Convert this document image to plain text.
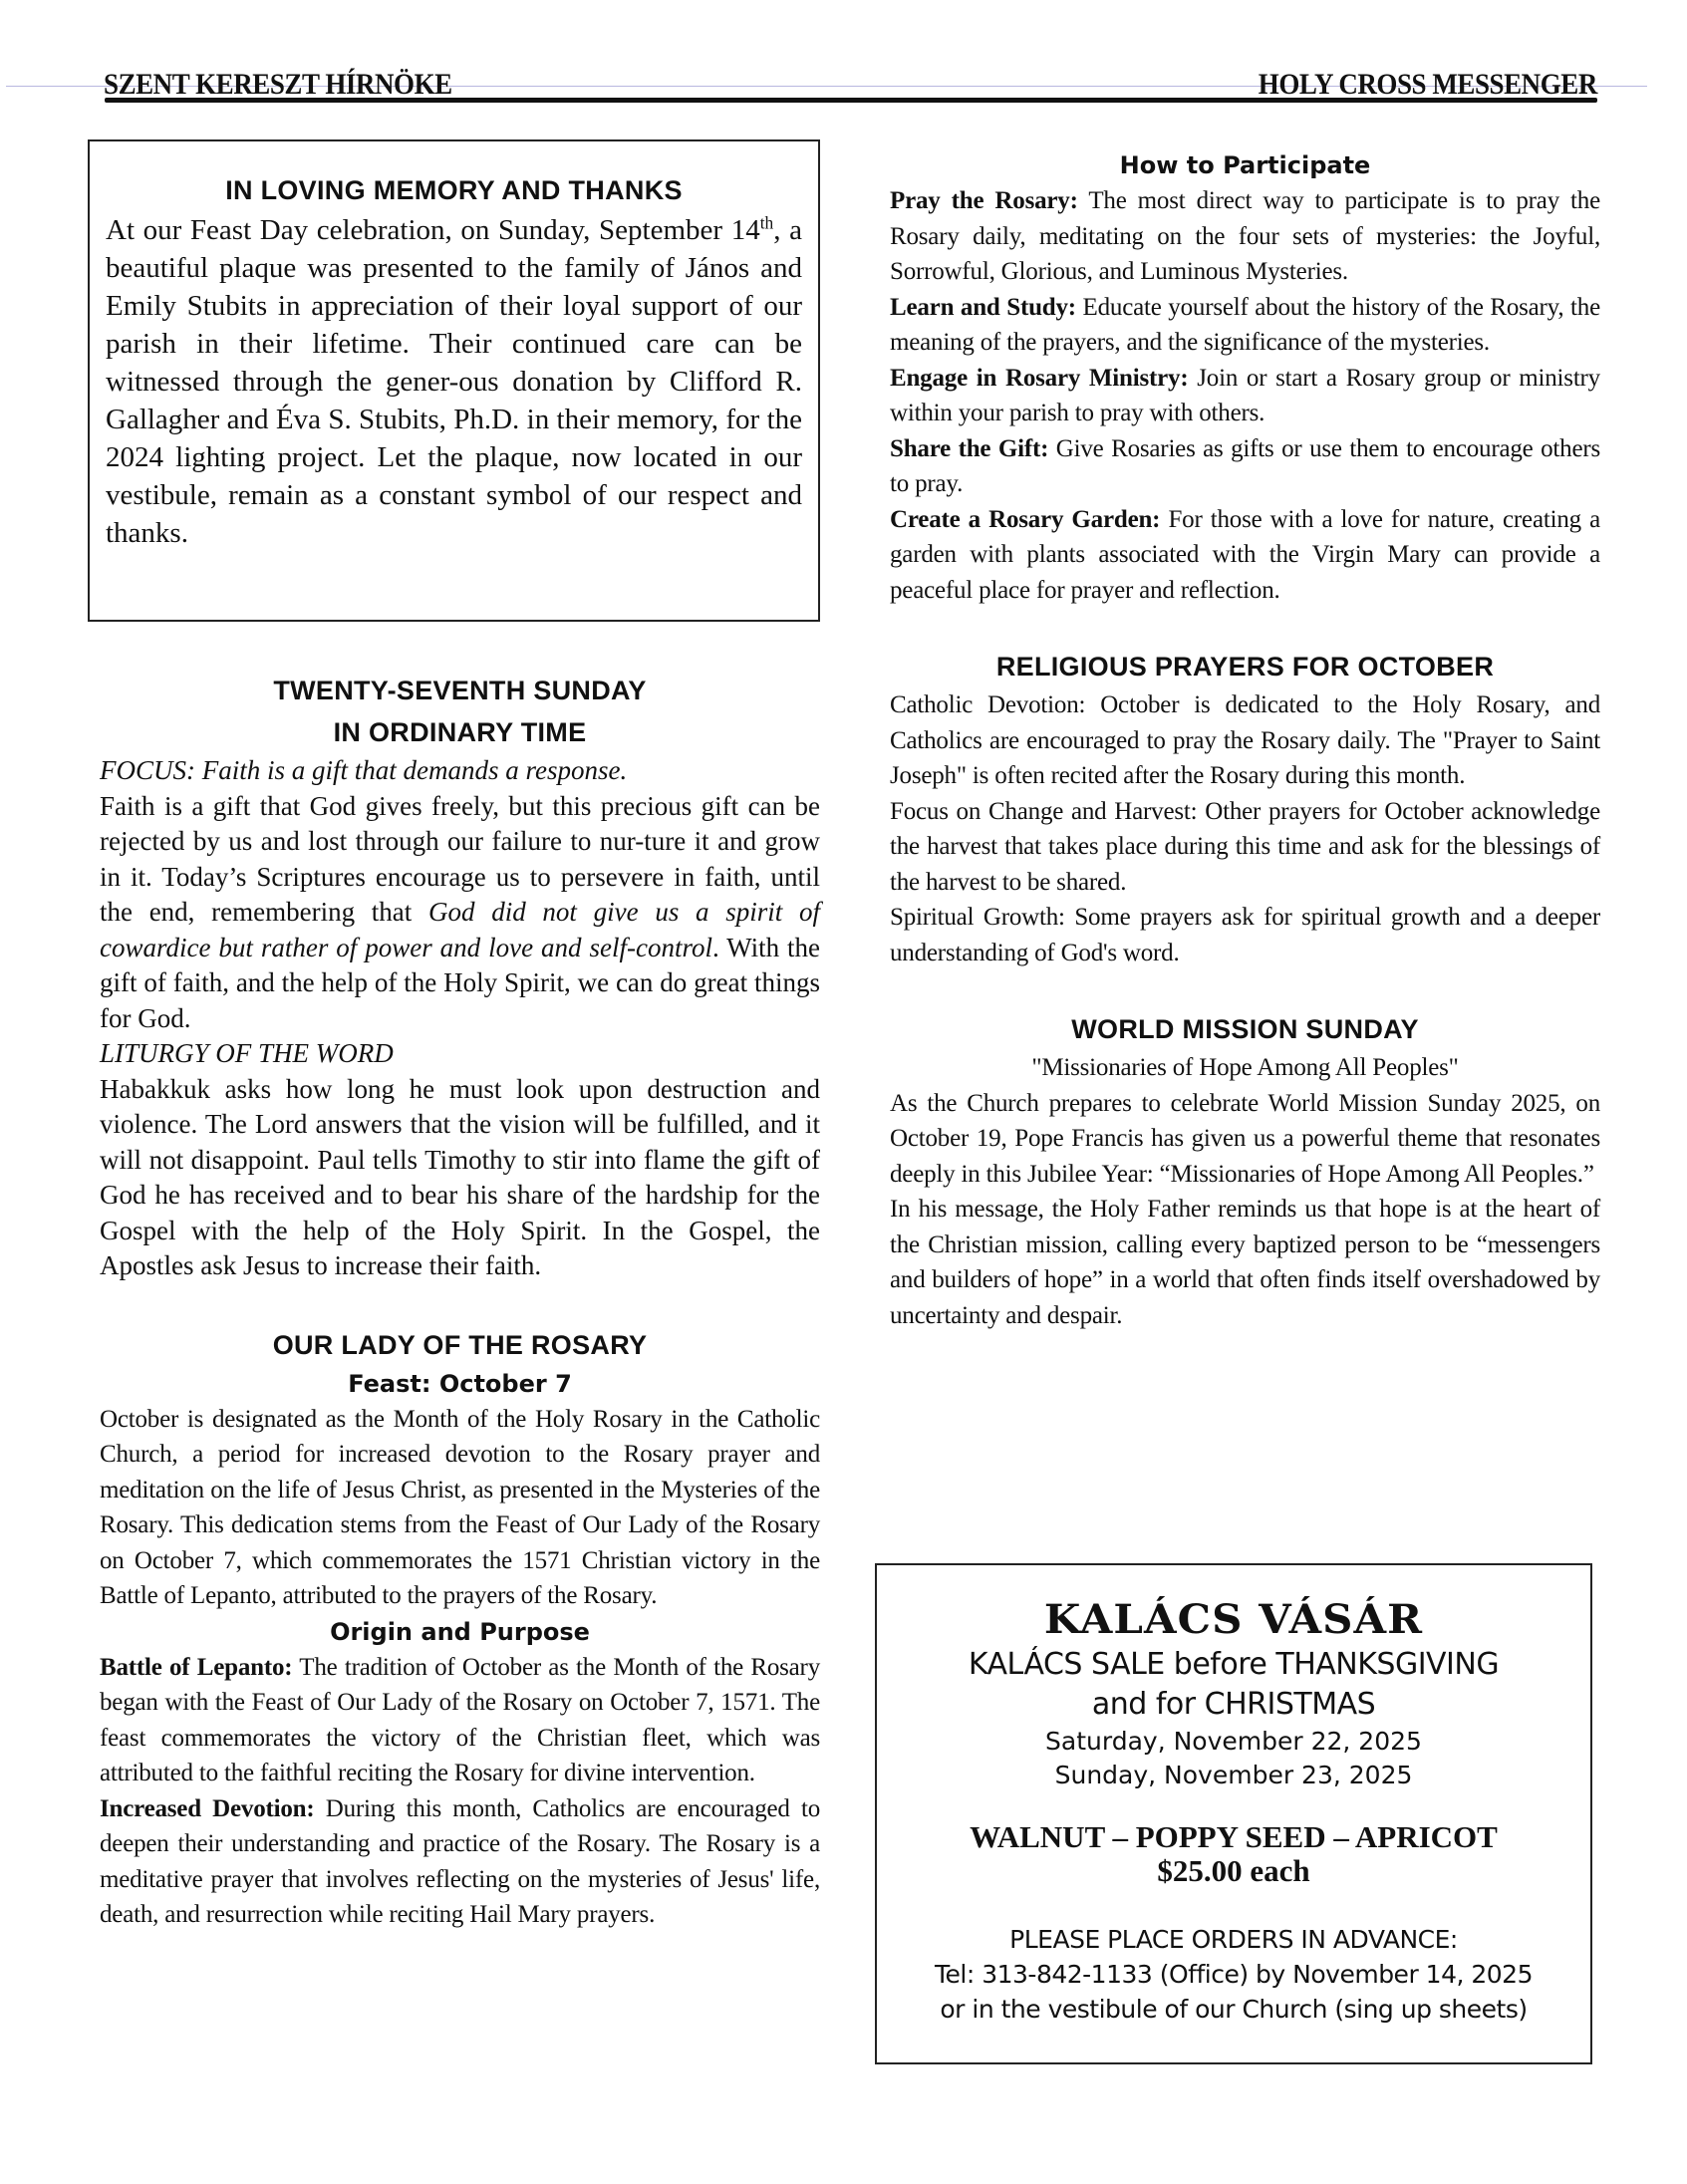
SZENT KERESZT HÍRNÖKE	HOLY CROSS MESSENGER
IN LOVING MEMORY AND THANKS

At our Feast Day celebration, on Sunday, September 14th, a beautiful plaque was presented to the family of János and Emily Stubits in appreciation of their loyal support of our parish in their lifetime. Their continued care can be witnessed through the gener-ous donation by Clifford R. Gallagher and Éva S. Stubits, Ph.D. in their memory, for the 2024 lighting project. Let the plaque, now located in our vestibule, remain as a constant symbol of our respect and thanks.

TWENTY-SEVENTH SUNDAY
IN ORDINARY TIME

FOCUS: Faith is a gift that demands a response.

Faith is a gift that God gives freely, but this precious gift can be rejected by us and lost through our failure to nur-ture it and grow in it. Today’s Scriptures encourage us to persevere in faith, until the end, remembering that God did not give us a spirit of cowardice but rather of power and love and self-control. With the gift of faith, and the help of the Holy Spirit, we can do great things for God.

LITURGY OF THE WORD

Habakkuk asks how long he must look upon destruction and violence. The Lord answers that the vision will be fulfilled, and it will not disappoint. Paul tells Timothy to stir into flame the gift of God he has received and to bear his share of the hardship for the Gospel with the help of the Holy Spirit. In the Gospel, the Apostles ask Jesus to increase their faith.

OUR LADY OF THE ROSARY
Feast: October 7

October is designated as the Month of the Holy Rosary in the Catholic Church, a period for increased devotion to the Rosary prayer and meditation on the life of Jesus Christ, as presented in the Mysteries of the Rosary. This dedication stems from the Feast of Our Lady of the Rosary on October 7, which commemorates the 1571 Christian victory in the Battle of Lepanto, attributed to the prayers of the Rosary.

Origin and Purpose

Battle of Lepanto: The tradition of October as the Month of the Rosary began with the Feast of Our Lady of the Rosary on October 7, 1571. The feast commemorates the victory of the Christian fleet, which was attributed to the faithful reciting the Rosary for divine intervention.

Increased Devotion: During this month, Catholics are encouraged to deepen their understanding and practice of the Rosary. The Rosary is a meditative prayer that involves reflecting on the mysteries of Jesus' life, death, and resurrection while reciting Hail Mary prayers.

How to Participate

Pray the Rosary: The most direct way to participate is to pray the Rosary daily, meditating on the four sets of mysteries: the Joyful, Sorrowful, Glorious, and Luminous Mysteries.

Learn and Study: Educate yourself about the history of the Rosary, the meaning of the prayers, and the significance of the mysteries.

Engage in Rosary Ministry: Join or start a Rosary group or ministry within your parish to pray with others.

Share the Gift: Give Rosaries as gifts or use them to encourage others to pray.

Create a Rosary Garden: For those with a love for nature, creating a garden with plants associated with the Virgin Mary can provide a peaceful place for prayer and reflection.

RELIGIOUS PRAYERS FOR OCTOBER

Catholic Devotion: October is dedicated to the Holy Rosary, and Catholics are encouraged to pray the Rosary daily. The "Prayer to Saint Joseph" is often recited after the Rosary during this month.

Focus on Change and Harvest: Other prayers for October acknowledge the harvest that takes place during this time and ask for the blessings of the harvest to be shared.

Spiritual Growth: Some prayers ask for spiritual growth and a deeper understanding of God's word.

WORLD MISSION SUNDAY

"Missionaries of Hope Among All Peoples"

As the Church prepares to celebrate World Mission Sunday 2025, on October 19, Pope Francis has given us a powerful theme that resonates deeply in this Jubilee Year: “Missionaries of Hope Among All Peoples.”

In his message, the Holy Father reminds us that hope is at the heart of the Christian mission, calling every baptized person to be “messengers and builders of hope” in a world that often finds itself overshadowed by uncertainty and despair.

KALÁCS VÁSÁR
KALÁCS SALE before THANKSGIVING
and for CHRISTMAS
Saturday, November 22, 2025
Sunday, November 23, 2025
WALNUT – POPPY SEED – APRICOT
$25.00 each
PLEASE PLACE ORDERS IN ADVANCE:
Tel: 313-842-1133 (Office) by November 14, 2025
or in the vestibule of our Church (sing up sheets)
